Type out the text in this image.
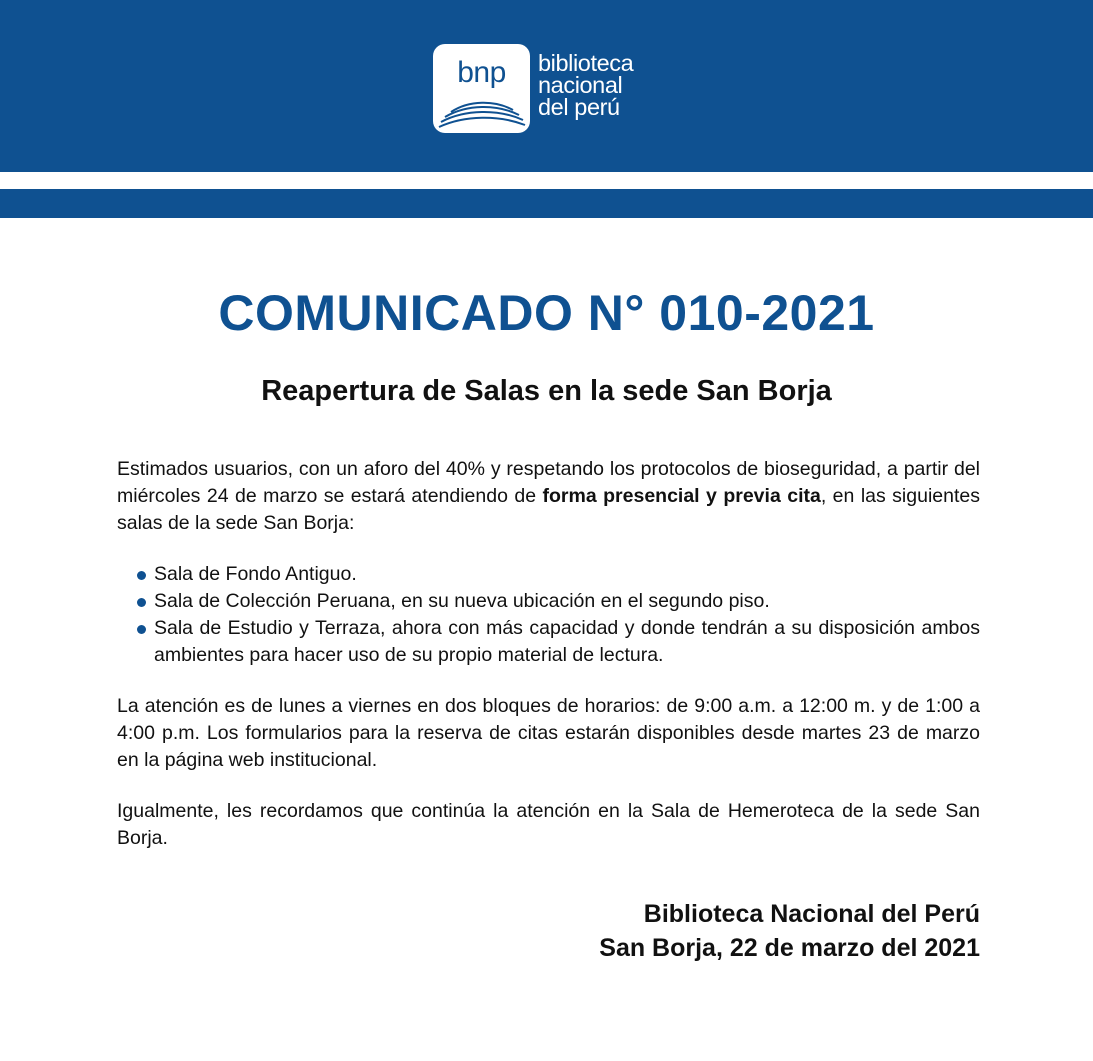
bnp	biblioteca
nacional
del perú
COMUNICADO N° 010-2021
Reapertura de Salas en la sede San Borja

Estimados usuarios, con un aforo del 40% y respetando los protocolos de bioseguridad, a partir del miércoles 24 de marzo se estará atendiendo de forma presencial y previa cita, en las siguientes salas de la sede San Borja:

Sala de Fondo Antiguo.
Sala de Colección Peruana, en su nueva ubicación en el segundo piso.
Sala de Estudio y Terraza, ahora con más capacidad y donde tendrán a su disposición ambos ambientes para hacer uso de su propio material de lectura.

La atención es de lunes a viernes en dos bloques de horarios: de 9:00 a.m. a 12:00 m. y de 1:00 a 4:00 p.m. Los formularios para la reserva de citas estarán disponibles desde martes 23 de marzo en la página web institucional.

Igualmente, les recordamos que continúa la atención en la Sala de Hemeroteca de la sede San Borja.

Biblioteca Nacional del Perú
San Borja, 22 de marzo del 2021
